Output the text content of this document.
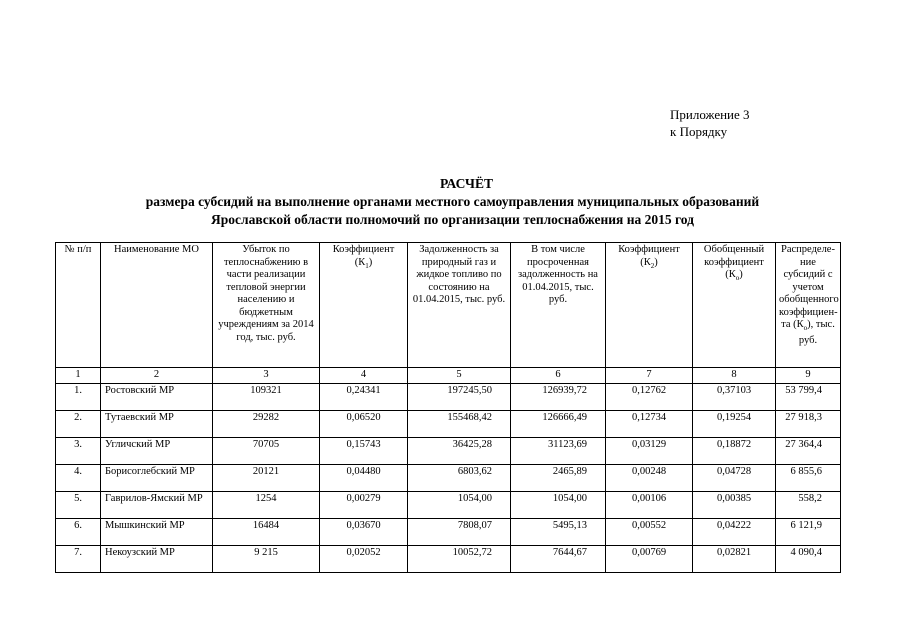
Приложение 3
к Порядку
РАСЧЁТ
размера субсидий на выполнение органами местного самоуправления муниципальных образований
Ярославской области полномочий по организации теплоснабжения на 2015 год
№ п/п	Наименование МО	Убыток по теплоснабжению в части реализации тепловой энергии населению и бюджетным учреждениям за 2014 год, тыс. руб.	Коэффициент $(К_1)$	Задолженность за природный газ и жидкое топливо по состоянию на 01.04.2015, тыс. руб.	В том числе просроченная задолженность на 01.04.2015, тыс. руб.	Коэффициент $(К_2)$	Обобщенный коэффициент $(К_о)$	Распределе-ние субсидий с учетом обобщенного коэффициен-та $(К_о)$, тыс. руб.
1	2	3	4	5	6	7	8	9
1.	Ростовский МР	109321	0,24341	197245,50	126939,72	0,12762	0,37103	53 799,4
2.	Тутаевский МР	29282	0,06520	155468,42	126666,49	0,12734	0,19254	27 918,3
3.	Угличский МР	70705	0,15743	36425,28	31123,69	0,03129	0,18872	27 364,4
4.	Борисоглебский МР	20121	0,04480	6803,62	2465,89	0,00248	0,04728	6 855,6
5.	Гаврилов-Ямский МР	1254	0,00279	1054,00	1054,00	0,00106	0,00385	558,2
6.	Мышкинский МР	16484	0,03670	7808,07	5495,13	0,00552	0,04222	6 121,9
7.	Некоузский МР	9 215	0,02052	10052,72	7644,67	0,00769	0,02821	4 090,4
